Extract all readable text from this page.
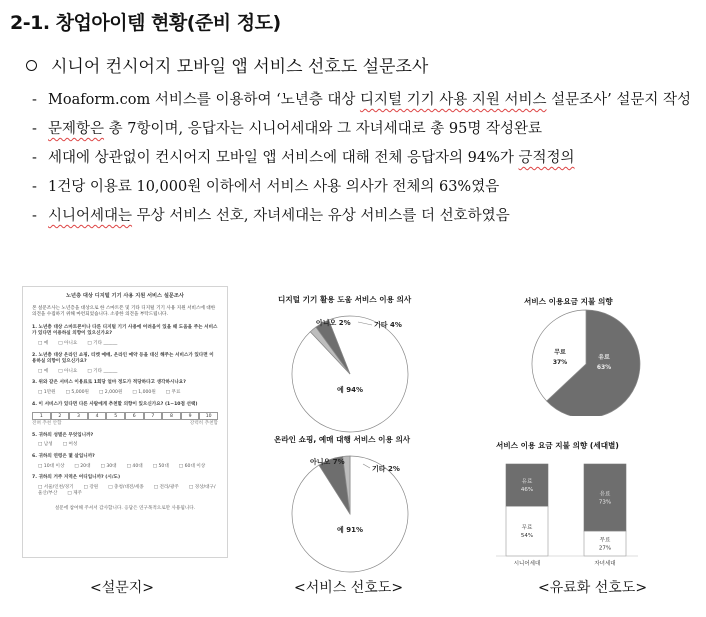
2-1. 창업아이템 현황(준비 정도)
시니어 컨시어지 모바일 앱 서비스 선호도 설문조사
- Moaform.com 서비스를 이용하여 ‘노년층 대상 디지털 기기 사용 지원 서비스 설문조사’ 설문지 작성
- 문제항은 총 7항이며, 응답자는 시니어세대와 그 자녀세대로 총 95명 작성완료
- 세대에 상관없이 컨시어지 모바일 앱 서비스에 대해 전체 응답자의 94%가 긍적정의
- 1건당 이용료 10,000원 이하에서 서비스 사용 의사가 전체의 63%였음
- 시니어세대는 무상 서비스 선호, 자녀세대는 유상 서비스를 더 선호하였음
노년층 대상 디지털 기기 사용 지원 서비스 설문조사
본 설문조사는 노년층을 대상으로 한 스마트폰 및 기타 디지털 기기 사용 지원 서비스에 대한 의견을 수집하기 위해 마련되었습니다. 소중한 의견을 부탁드립니다.
1. 노년층 대상 스마트폰이나 다른 디지털 기기 사용에 어려움이 있을 때 도움을 주는 서비스가 있다면 이용하실 의향이 있으신가요?
□ 예 □ 아니요 □ 기타 ______
2. 노년층 대상 온라인 쇼핑, 티켓 예매, 온라인 예약 등을 대신 해주는 서비스가 있다면 이용하실 의향이 있으신가요?
□ 예 □ 아니요 □ 기타 ______
3. 위와 같은 서비스 이용료로 1회당 얼마 정도가 적당하다고 생각하시나요?
□ 1만원 □ 5,000원 □ 2,000원 □ 1,000원 □ 무료
4. 이 서비스가 있다면 다른 사람에게 추천할 의향이 있으신가요? (1~10점 선택)
1	2	3	4	5	6	7	8	9	10
전혀 추천 안함	강력히 추천함
5. 귀하의 성별은 무엇입니까?
□ 남성 □ 여성
6. 귀하의 연령은 몇 살입니까?
□ 10대 이상 □ 20대 □ 30대 □ 40대 □ 50대 □ 60대 이상
7. 귀하의 거주 지역은 어디입니까? (시/도)
□ 서울/인천/경기 □ 강원 □ 충청/대전/세종 □ 전라/광주 □ 경상/대구/울산/부산 □ 제주
설문에 참여해 주셔서 감사합니다. 응답은 연구목적으로만 사용됩니다.
디지털 기기 활용 도움 서비스 이용 의사
예 94%
아니오 2%	기타 4%
온라인 쇼핑, 예매 대행 서비스 이용 의사
예 91%
아니오 7%
기타 2%
서비스 이용요금 지불 의향
유료
63%
무료
37%
서비스 이용 요금 지불 의향 (세대별)
유료
46%
무료
54%
시니어세대
유료
73%
무료
27%
자녀세대
<설문지>	<서비스 선호도>	<유료화 선호도>
